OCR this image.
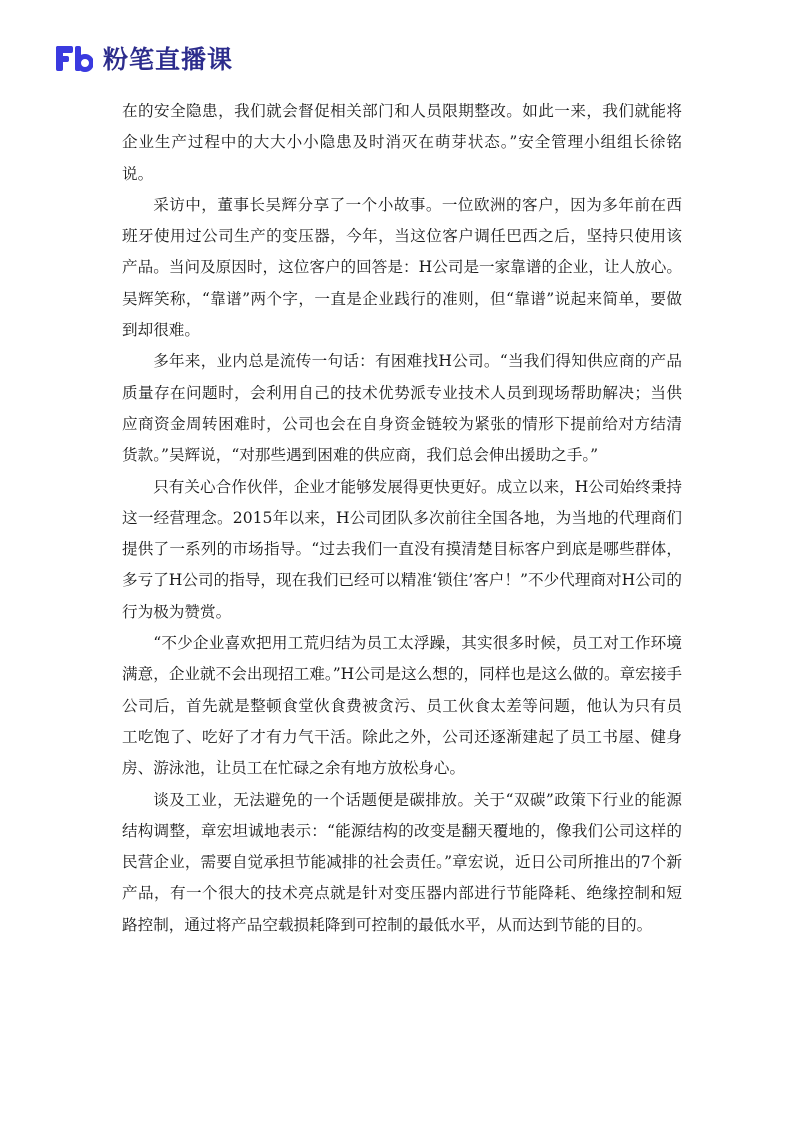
粉笔直播课

在的安全隐患，我们就会督促相关部门和人员限期整改。如此一来，我们就能将企业生产过程中的大大小小隐患及时消灭在萌芽状态。”安全管理小组组长徐铭说。

采访中，董事长吴辉分享了一个小故事。一位欧洲的客户，因为多年前在西班牙使用过公司生产的变压器，今年，当这位客户调任巴西之后，坚持只使用该产品。当问及原因时，这位客户的回答是：H公司是一家靠谱的企业，让人放心。吴辉笑称，“靠谱”两个字，一直是企业践行的准则，但“靠谱”说起来简单，要做到却很难。

多年来，业内总是流传一句话：有困难找H公司。“当我们得知供应商的产品质量存在问题时，会利用自己的技术优势派专业技术人员到现场帮助解决；当供应商资金周转困难时，公司也会在自身资金链较为紧张的情形下提前给对方结清货款。”吴辉说，“对那些遇到困难的供应商，我们总会伸出援助之手。”

只有关心合作伙伴，企业才能够发展得更快更好。成立以来，H公司始终秉持这一经营理念。2015年以来，H公司团队多次前往全国各地，为当地的代理商们提供了一系列的市场指导。“过去我们一直没有摸清楚目标客户到底是哪些群体，多亏了H公司的指导，现在我们已经可以精准‘锁住’客户！”不少代理商对H公司的行为极为赞赏。

“不少企业喜欢把用工荒归结为员工太浮躁，其实很多时候，员工对工作环境满意，企业就不会出现招工难。”H公司是这么想的，同样也是这么做的。章宏接手公司后，首先就是整顿食堂伙食费被贪污、员工伙食太差等问题，他认为只有员工吃饱了、吃好了才有力气干活。除此之外，公司还逐渐建起了员工书屋、健身房、游泳池，让员工在忙碌之余有地方放松身心。

谈及工业，无法避免的一个话题便是碳排放。关于“双碳”政策下行业的能源结构调整，章宏坦诚地表示：“能源结构的改变是翻天覆地的，像我们公司这样的民营企业，需要自觉承担节能减排的社会责任。”章宏说，近日公司所推出的7个新产品，有一个很大的技术亮点就是针对变压器内部进行节能降耗、绝缘控制和短路控制，通过将产品空载损耗降到可控制的最低水平，从而达到节能的目的。
